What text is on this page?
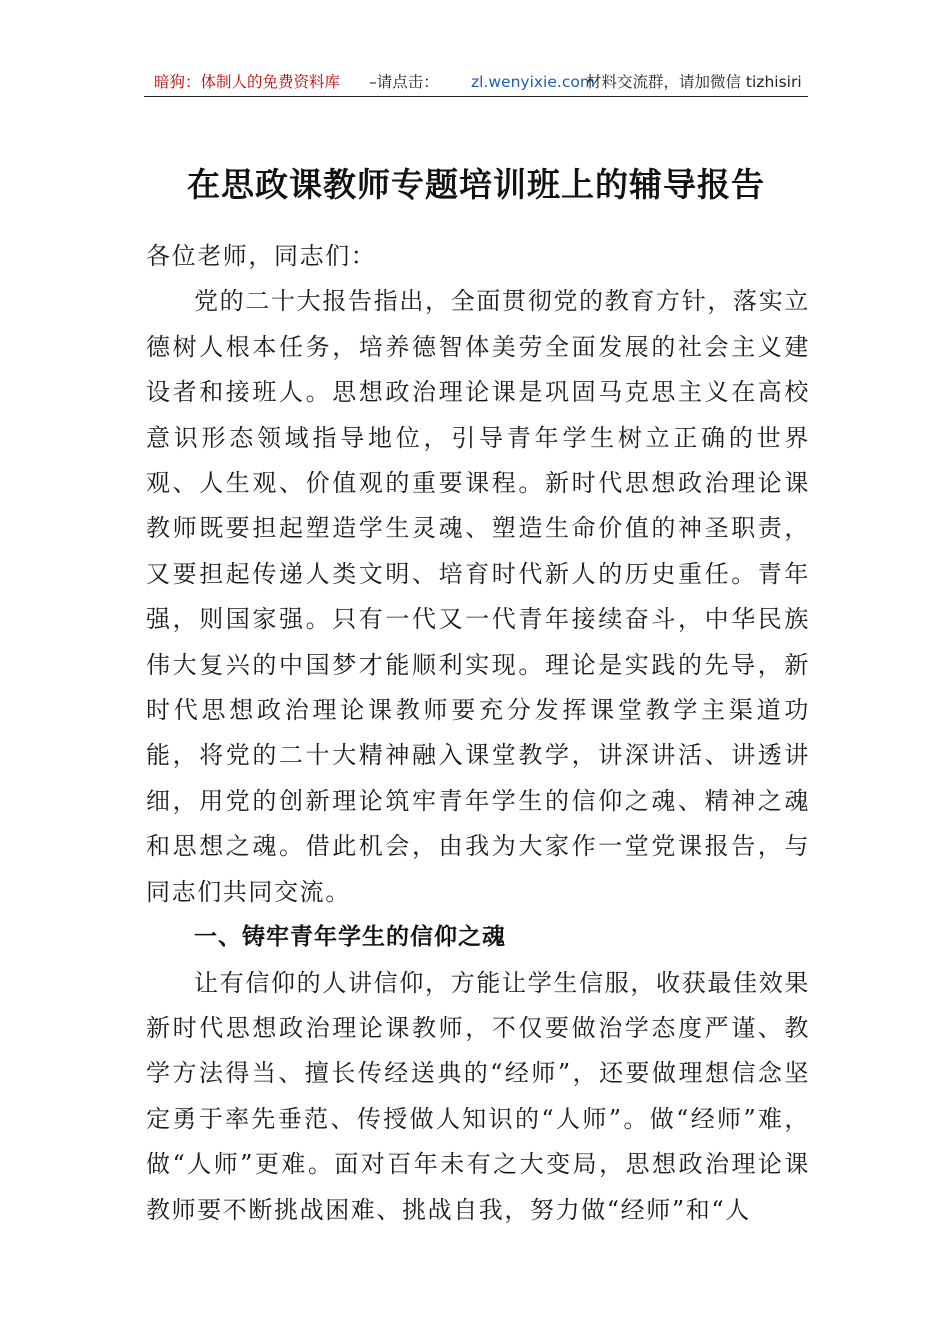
暗狗：体制人的免费资料库 –请点击： zl.wenyixie.com
材料交流群，请加微信 tizhisiri
在思政课教师专题培训班上的辅导报告

各位老师，同志们：

党的二十大报告指出，全面贯彻党的教育方针，落实立德树人根本任务，培养德智体美劳全面发展的社会主义建设者和接班人。思想政治理论课是巩固马克思主义在高校意识形态领域指导地位，引导青年学生树立正确的世界观、人生观、价值观的重要课程。新时代思想政治理论课教师既要担起塑造学生灵魂、塑造生命价值的神圣职责，又要担起传递人类文明、培育时代新人的历史重任。青年强，则国家强。只有一代又一代青年接续奋斗，中华民族伟大复兴的中国梦才能顺利实现。理论是实践的先导，新时代思想政治理论课教师要充分发挥课堂教学主渠道功能，将党的二十大精神融入课堂教学，讲深讲活、讲透讲细，用党的创新理论筑牢青年学生的信仰之魂、精神之魂和思想之魂。借此机会，由我为大家作一堂党课报告，与同志们共同交流。

一、铸牢青年学生的信仰之魂

让有信仰的人讲信仰，方能让学生信服，收获最佳效果新时代思想政治理论课教师，不仅要做治学态度严谨、教学方法得当、擅长传经送典的“经师”，还要做理想信念坚定勇于率先垂范、传授做人知识的“人师”。做“经师”难，做“人师”更难。面对百年未有之大变局，思想政治理论课教师要不断挑战困难、挑战自我，努力做“经师”和“人
